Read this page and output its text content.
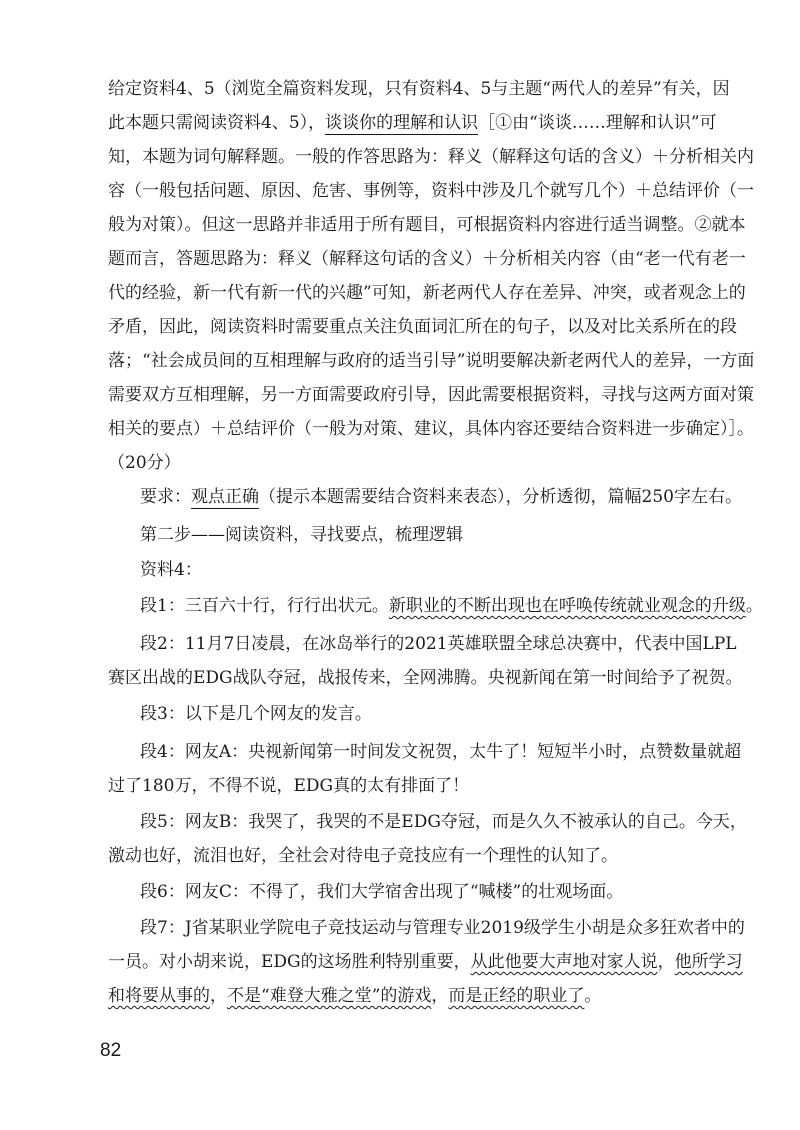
给定资料4、5（浏览全篇资料发现，只有资料4、5与主题“两代人的差异”有关，因
此本题只需阅读资料4、5），谈谈你的理解和认识［①由“谈谈……理解和认识”可
知，本题为词句解释题。一般的作答思路为：释义（解释这句话的含义）＋分析相关内
容（一般包括问题、原因、危害、事例等，资料中涉及几个就写几个）＋总结评价（一
般为对策）。但这一思路并非适用于所有题目，可根据资料内容进行适当调整。②就本
题而言，答题思路为：释义（解释这句话的含义）＋分析相关内容（由“老一代有老一
代的经验，新一代有新一代的兴趣”可知，新老两代人存在差异、冲突，或者观念上的
矛盾，因此，阅读资料时需要重点关注负面词汇所在的句子，以及对比关系所在的段
落；“社会成员间的互相理解与政府的适当引导”说明要解决新老两代人的差异，一方面
需要双方互相理解，另一方面需要政府引导，因此需要根据资料，寻找与这两方面对策
相关的要点）＋总结评价（一般为对策、建议，具体内容还要结合资料进一步确定）］。
（20分）
要求：观点正确（提示本题需要结合资料来表态），分析透彻，篇幅250字左右。
第二步——阅读资料，寻找要点，梳理逻辑
资料4：
段1：三百六十行，行行出状元。新职业的不断出现也在呼唤传统就业观念的升级。
段2：11月7日凌晨，在冰岛举行的2021英雄联盟全球总决赛中，代表中国LPL
赛区出战的EDG战队夺冠，战报传来，全网沸腾。央视新闻在第一时间给予了祝贺。
段3：以下是几个网友的发言。
段4：网友A：央视新闻第一时间发文祝贺，太牛了！短短半小时，点赞数量就超
过了180万，不得不说，EDG真的太有排面了！
段5：网友B：我哭了，我哭的不是EDG夺冠，而是久久不被承认的自己。今天，
激动也好，流泪也好，全社会对待电子竞技应有一个理性的认知了。
段6：网友C：不得了，我们大学宿舍出现了“喊楼”的壮观场面。
段7：J省某职业学院电子竞技运动与管理专业2019级学生小胡是众多狂欢者中的
一员。对小胡来说，EDG的这场胜利特别重要，从此他要大声地对家人说，他所学习
和将要从事的，不是“难登大雅之堂”的游戏，而是正经的职业了。
82
